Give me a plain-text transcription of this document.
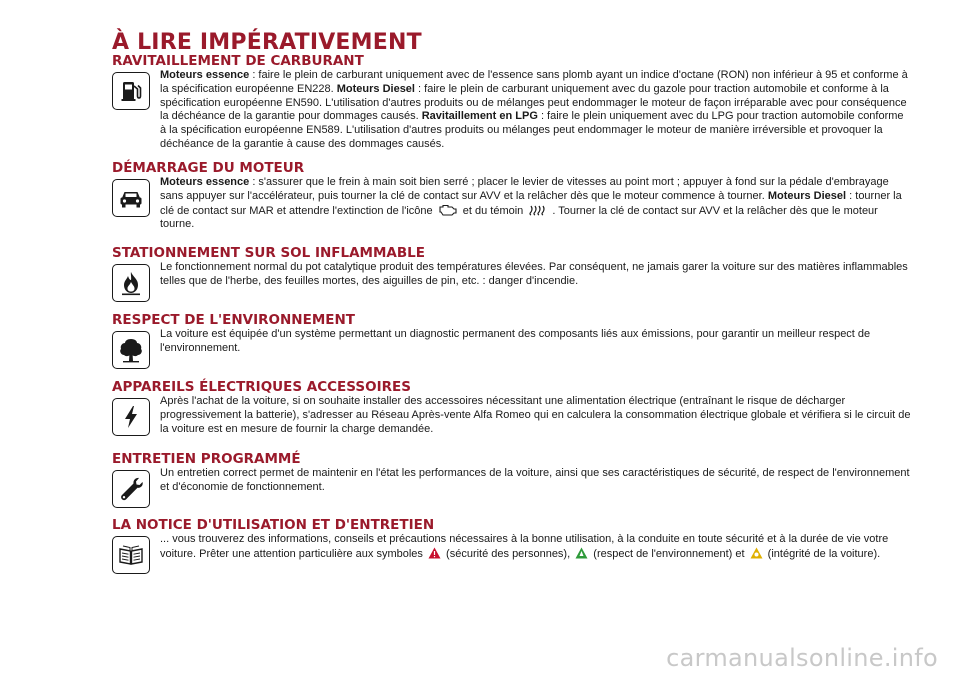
À LIRE IMPÉRATIVEMENT
RAVITAILLEMENT DE CARBURANT
Moteurs essence : faire le plein de carburant uniquement avec de l'essence sans plomb ayant un indice d'octane (RON) non inférieur à 95 et conforme à la spécification européenne EN228. Moteurs Diesel : faire le plein de carburant uniquement avec du gazole pour traction automobile et conforme à la spécification européenne EN590. L'utilisation d'autres produits ou de mélanges peut endommager le moteur de façon irréparable avec pour conséquence la déchéance de la garantie pour dommages causés. Ravitaillement en LPG : faire le plein uniquement avec du LPG pour traction automobile conforme à la spécification européenne EN589. L'utilisation d'autres produits ou mélanges peut endommager le moteur de manière irréversible et provoquer la déchéance de la garantie à cause des dommages causés.
DÉMARRAGE DU MOTEUR
Moteurs essence : s'assurer que le frein à main soit bien serré ; placer le levier de vitesses au point mort ; appuyer à fond sur la pédale d'embrayage sans appuyer sur l'accélérateur, puis tourner la clé de contact sur AVV et la relâcher dès que le moteur commence à tourner. Moteurs Diesel : tourner la clé de contact sur MAR et attendre l'extinction de l'icône
et du témoin
. Tourner la clé de contact sur AVV et la relâcher dès que le moteur tourne.
STATIONNEMENT SUR SOL INFLAMMABLE
Le fonctionnement normal du pot catalytique produit des températures élevées. Par conséquent, ne jamais garer la voiture sur des matières inflammables telles que de l'herbe, des feuilles mortes, des aiguilles de pin, etc. : danger d'incendie.
RESPECT DE L'ENVIRONNEMENT
La voiture est équipée d'un système permettant un diagnostic permanent des composants liés aux émissions, pour garantir un meilleur respect de l'environnement.
APPAREILS ÉLECTRIQUES ACCESSOIRES
Après l'achat de la voiture, si on souhaite installer des accessoires nécessitant une alimentation électrique (entraînant le risque de décharger progressivement la batterie), s'adresser au Réseau Après-vente Alfa Romeo qui en calculera la consommation électrique globale et vérifiera si le circuit de la voiture est en mesure de fournir la charge demandée.
ENTRETIEN PROGRAMMÉ
Un entretien correct permet de maintenir en l'état les performances de la voiture, ainsi que ses caractéristiques de sécurité, de respect de l'environnement et d'économie de fonctionnement.
LA NOTICE D'UTILISATION ET D'ENTRETIEN
... vous trouverez des informations, conseils et précautions nécessaires à la bonne utilisation, à la conduite en toute sécurité et à la durée de vie votre voiture. Prêter une attention particulière aux symboles
(sécurité des personnes),
(respect de l'environnement) et
(intégrité de la voiture).
carmanualsonline.info
